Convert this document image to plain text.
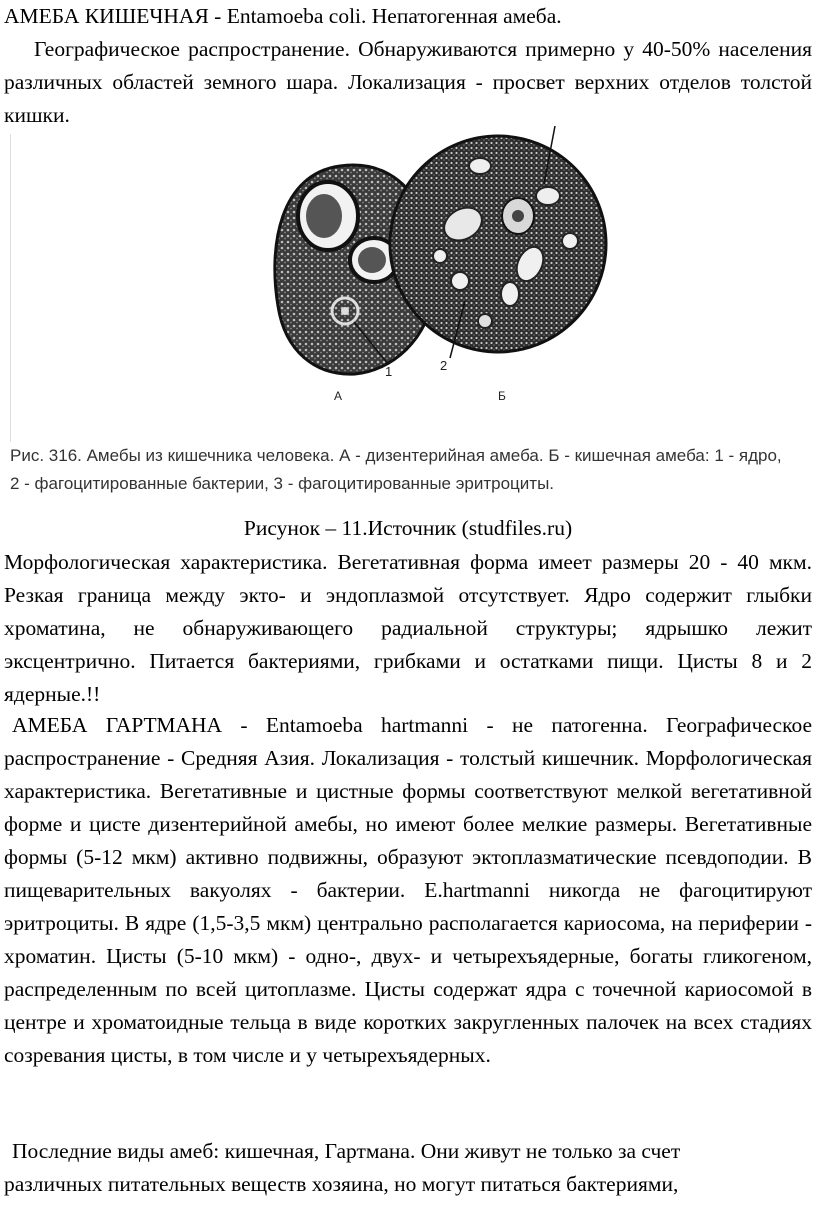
АМЕБА КИШЕЧНАЯ - Entamoeba coli. Непатогенная амеба.

Географическое распространение. Обнаруживаются примерно у 40-50% населения различных областей земного шара. Локализация - просвет верхних отделов толстой кишки.

1
А
2
Б
Рис. 316. Амебы из кишечника человека. А - дизентерийная амеба. Б - кишечная амеба: 1 - ядро,
2 - фагоцитированные бактерии, 3 - фагоцитированные эритроциты.
Рисунок – 11.Источник (studfiles.ru)

Морфологическая характеристика. Вегетативная форма имеет размеры 20 - 40 мкм. Резкая граница между экто- и эндоплазмой отсутствует. Ядро содержит глыбки хроматина, не обнаруживающего радиальной структуры; ядрышко лежит эксцентрично. Питается бактериями, грибками и остатками пищи. Цисты 8 и 2 ядерные.!!

АМЕБА ГАРТМАНА - Entamoeba hartmanni - не патогенна. Географическое распространение - Средняя Азия. Локализация - толстый кишечник. Морфологическая характеристика. Вегетативные и цистные формы соответствуют мелкой вегетативной форме и цисте дизентерийной амебы, но имеют более мелкие размеры. Вегетативные формы (5-12 мкм) активно подвижны, образуют эктоплазматические псевдоподии. В пищеварительных вакуолях - бактерии. E.hartmanni никогда не фагоцитируют эритроциты. В ядре (1,5-3,5 мкм) центрально располагается кариосома, на периферии - хроматин. Цисты (5-10 мкм) - одно-, двух- и четырехъядерные, богаты гликогеном, распределенным по всей цитоплазме. Цисты содержат ядра с точечной кариосомой в центре и хроматоидные тельца в виде коротких закругленных палочек на всех стадиях созревания цисты, в том числе и у четырехъядерных.

Последние виды амеб: кишечная, Гартмана. Они живут не только за счет
различных питательных веществ хозяина, но могут питаться бактериями,
